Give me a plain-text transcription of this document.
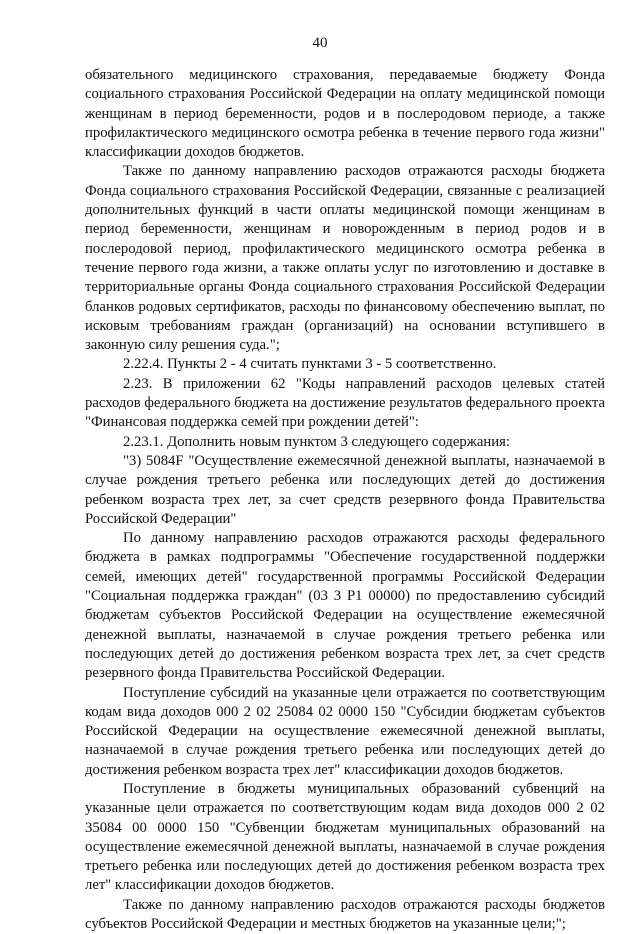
40

обязательного медицинского страхования, передаваемые бюджету Фонда социального страхования Российской Федерации на оплату медицинской помощи женщинам в период беременности, родов и в послеродовом периоде, а также профилактического медицинского осмотра ребенка в течение первого года жизни" классификации доходов бюджетов.

Также по данному направлению расходов отражаются расходы бюджета Фонда социального страхования Российской Федерации, связанные с реализацией дополнительных функций в части оплаты медицинской помощи женщинам в период беременности, женщинам и новорожденным в период родов и в послеродовой период, профилактического медицинского осмотра ребенка в течение первого года жизни, а также оплаты услуг по изготовлению и доставке в территориальные органы Фонда социального страхования Российской Федерации бланков родовых сертификатов, расходы по финансовому обеспечению выплат, по исковым требованиям граждан (организаций) на основании вступившего в законную силу решения суда.";

2.22.4. Пункты 2 - 4 считать пунктами 3 - 5 соответственно.

2.23. В приложении 62 "Коды направлений расходов целевых статей расходов федерального бюджета на достижение результатов федерального проекта "Финансовая поддержка семей при рождении детей":

2.23.1. Дополнить новым пунктом 3 следующего содержания:

"3) 5084F "Осуществление ежемесячной денежной выплаты, назначаемой в случае рождения третьего ребенка или последующих детей до достижения ребенком возраста трех лет, за счет средств резервного фонда Правительства Российской Федерации"

По данному направлению расходов отражаются расходы федерального бюджета в рамках подпрограммы "Обеспечение государственной поддержки семей, имеющих детей" государственной программы Российской Федерации "Социальная поддержка граждан" (03 3 Р1 00000) по предоставлению субсидий бюджетам субъектов Российской Федерации на осуществление ежемесячной денежной выплаты, назначаемой в случае рождения третьего ребенка или последующих детей до достижения ребенком возраста трех лет, за счет средств резервного фонда Правительства Российской Федерации.

Поступление субсидий на указанные цели отражается по соответствующим кодам вида доходов 000 2 02 25084 02 0000 150 "Субсидии бюджетам субъектов Российской Федерации на осуществление ежемесячной денежной выплаты, назначаемой в случае рождения третьего ребенка или последующих детей до достижения ребенком возраста трех лет" классификации доходов бюджетов.

Поступление в бюджеты муниципальных образований субвенций на указанные цели отражается по соответствующим кодам вида доходов 000 2 02 35084 00 0000 150 "Субвенции бюджетам муниципальных образований на осуществление ежемесячной денежной выплаты, назначаемой в случае рождения третьего ребенка или последующих детей до достижения ребенком возраста трех лет" классификации доходов бюджетов.

Также по данному направлению расходов отражаются расходы бюджетов субъектов Российской Федерации и местных бюджетов на указанные цели;";
